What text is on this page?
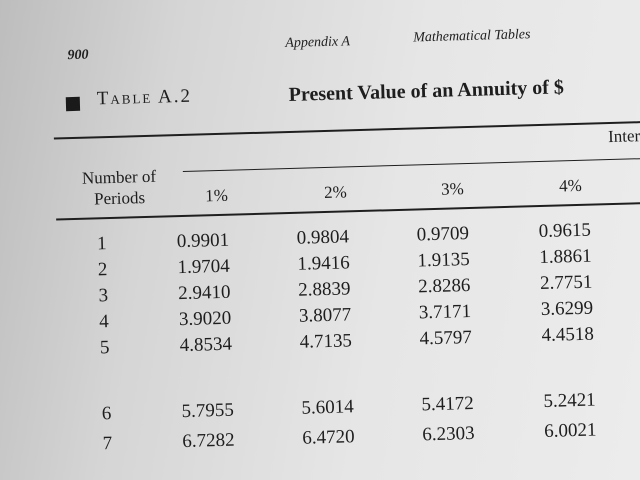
900
Appendix A	Mathematical Tables
Table A.2	Present Value of an Annuity of $
Inter
Number of
Periods	1%	2%	3%	4%
1	0.9901	0.9804	0.9709	0.9615
2	1.9704	1.9416	1.9135	1.8861
3	2.9410	2.8839	2.8286	2.7751
4	3.9020	3.8077	3.7171	3.6299
5	4.8534	4.7135	4.5797	4.4518
6	5.7955	5.6014	5.4172	5.2421
7	6.7282	6.4720	6.2303	6.0021
